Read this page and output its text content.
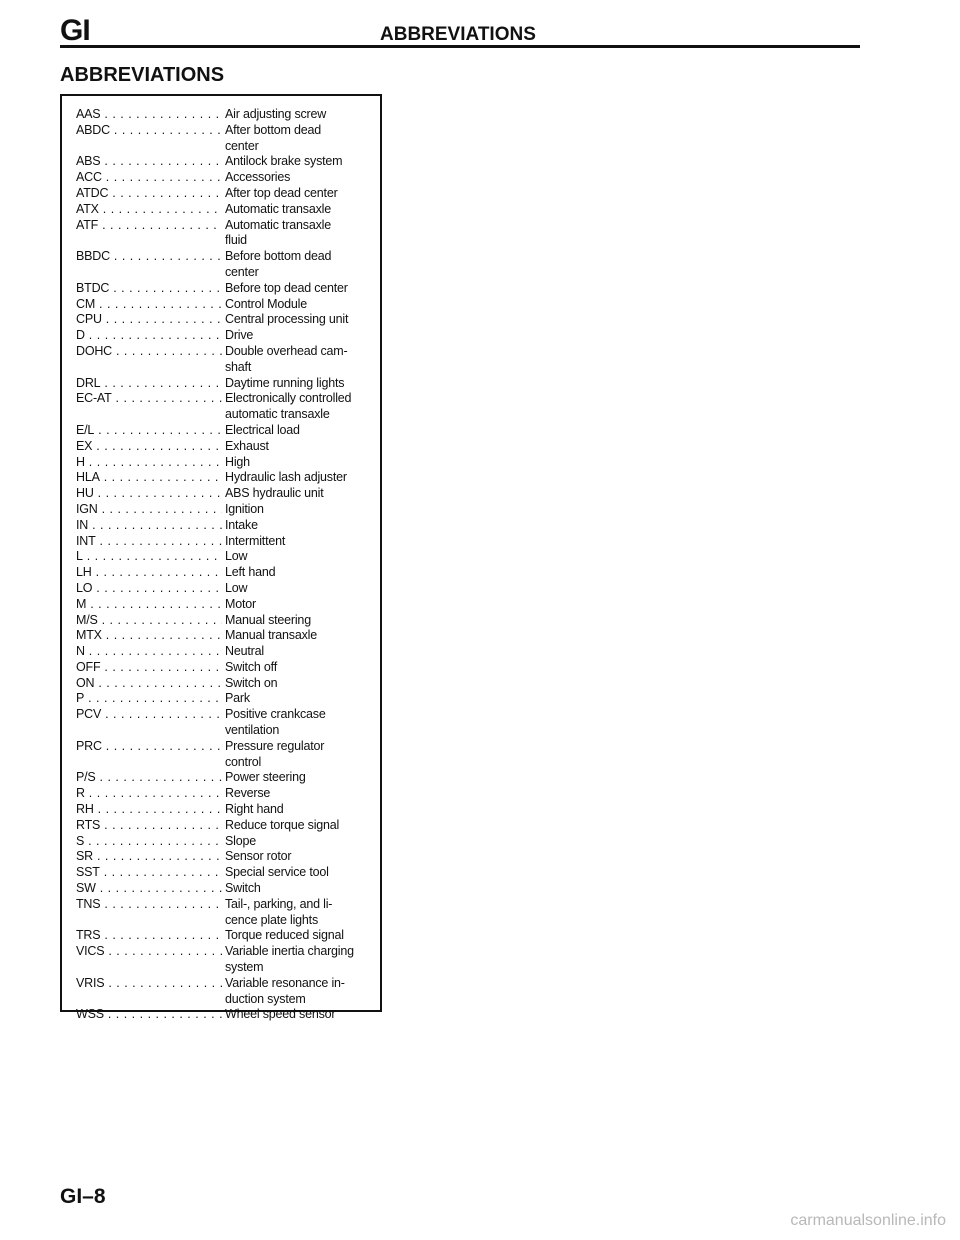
GI	ABBREVIATIONS
ABBREVIATIONS
AAS . . .	Air adjusting screw
ABDC . . .	After bottom dead
center
ABS . . .	Antilock brake system
ACC . . .	Accessories
ATDC . . .	After top dead center
ATX . . .	Automatic transaxle
ATF . . .	Automatic transaxle
fluid
BBDC . . .	Before bottom dead
center
BTDC . . .	Before top dead center
CM . . .	Control Module
CPU . . .	Central processing unit
D . . .	Drive
DOHC . . .	Double overhead cam-
shaft
DRL . . .	Daytime running lights
EC-AT . . .	Electronically controlled
automatic transaxle
E/L . . .	Electrical load
EX . . .	Exhaust
H . . .	High
HLA . . .	Hydraulic lash adjuster
HU . . .	ABS hydraulic unit
IGN . . .	Ignition
IN . . .	Intake
INT . . .	Intermittent
L . . .	Low
LH . . .	Left hand
LO . . .	Low
M . . .	Motor
M/S . . .	Manual steering
MTX . . .	Manual transaxle
N . . .	Neutral
OFF . . .	Switch off
ON . . .	Switch on
P . . .	Park
PCV . . .	Positive crankcase
ventilation
PRC . . .	Pressure regulator
control
P/S . . .	Power steering
R . . .	Reverse
RH . . .	Right hand
RTS . . .	Reduce torque signal
S . . .	Slope
SR . . .	Sensor rotor
SST . . .	Special service tool
SW . . .	Switch
TNS . . .	Tail-, parking, and li-
cence plate lights
TRS . . .	Torque reduced signal
VICS . . .	Variable inertia charging
system
VRIS . . .	Variable resonance in-
duction system
WSS . . .	Wheel speed sensor
GI–8
carmanualsonline.info
